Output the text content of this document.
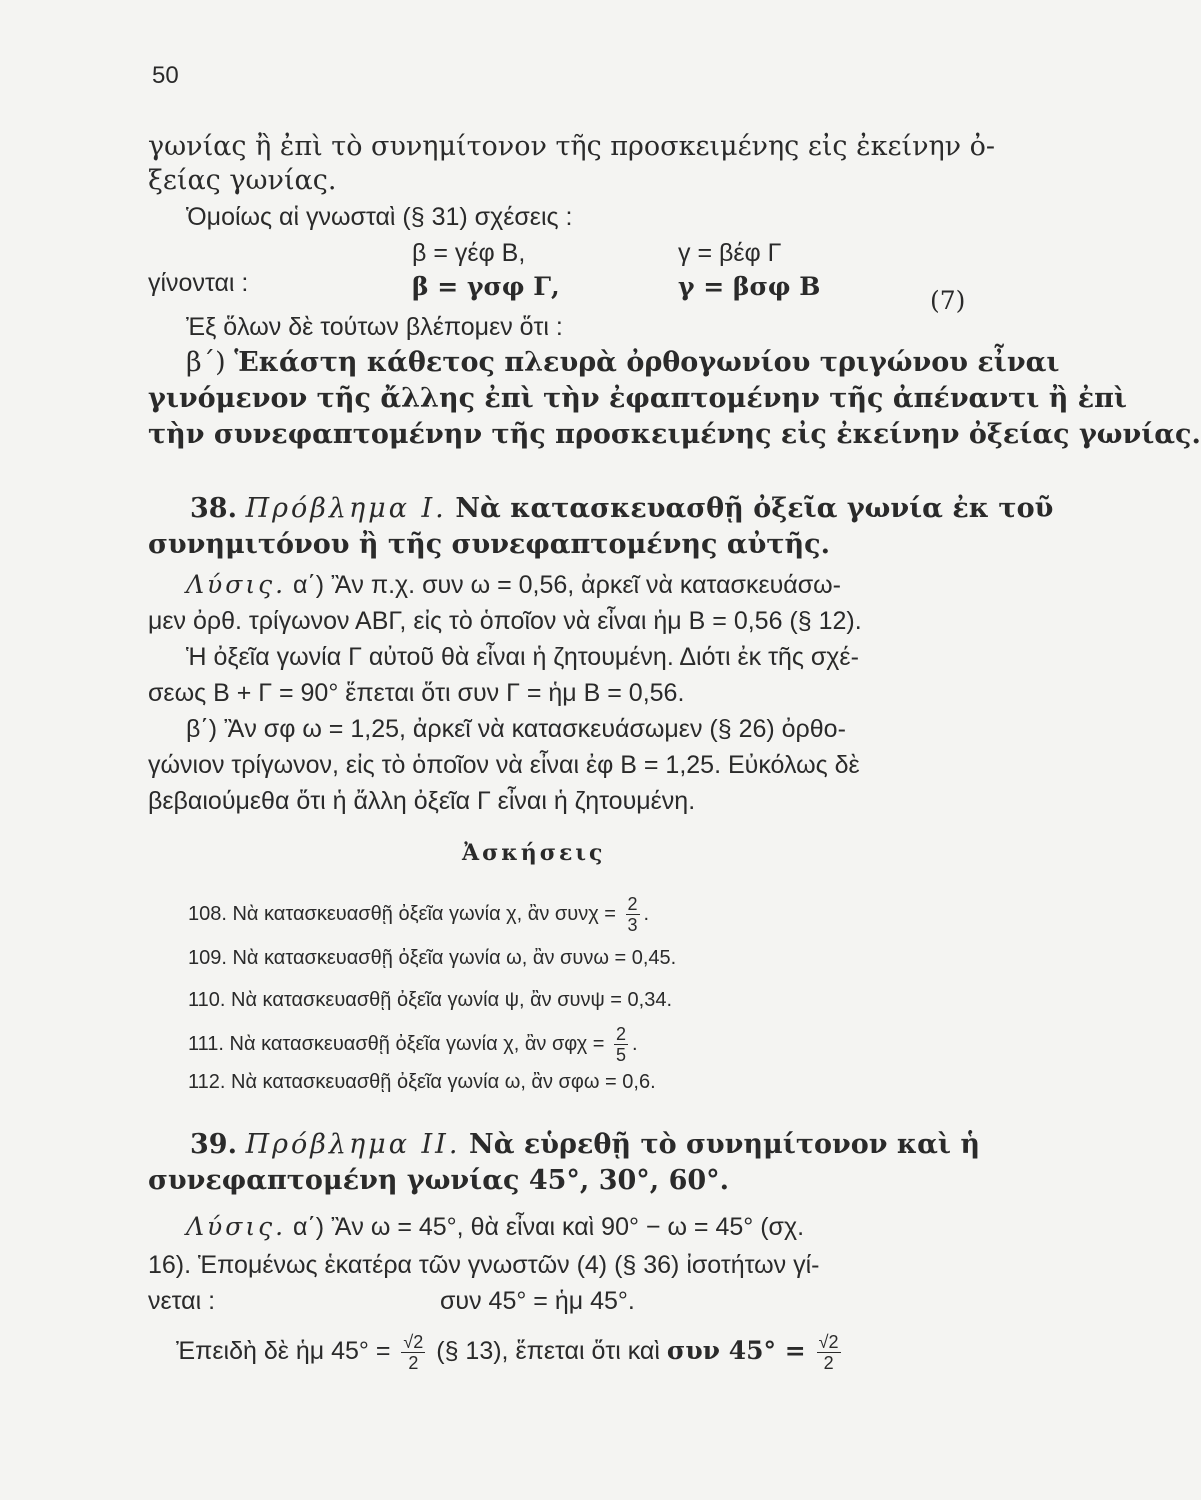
50
γωνίας ἢ ἐπὶ τὸ συνημίτονον τῆς προσκειμένης εἰς ἐκείνην ὀ-
ξείας γωνίας.
Ὁμοίως αἱ γνωσταὶ (§ 31) σχέσεις :
β = γέφ Β,	γ = βέφ Γ
γίνονται :	β = γσφ Γ,	γ = βσφ Β	(7)
Ἐξ ὅλων δὲ τούτων βλέπομεν ὅτι :
β΄) Ἑκάστη κάθετος πλευρὰ ὀρθογωνίου τριγώνου εἶναι
γινόμενον τῆς ἄλλης ἐπὶ τὴν ἐφαπτομένην τῆς ἀπέναντι ἢ ἐπὶ
τὴν συνεφαπτομένην τῆς προσκειμένης εἰς ἐκείνην ὀξείας γωνίας.
38. Πρόβλημα Ι. Νὰ κατασκευασθῇ ὀξεῖα γωνία ἐκ τοῦ
συνημιτόνου ἢ τῆς συνεφαπτομένης αὐτῆς.
Λύσις. α΄) Ἂν π.χ. συν ω = 0,56, ἀρκεῖ νὰ κατασκευάσω-
μεν ὀρθ. τρίγωνον ΑΒΓ, εἰς τὸ ὁποῖον νὰ εἶναι ἡμ Β = 0,56 (§ 12).
Ἡ ὀξεῖα γωνία Γ αὐτοῦ θὰ εἶναι ἡ ζητουμένη. Διότι ἐκ τῆς σχέ-
σεως Β + Γ = 90° ἕπεται ὅτι συν Γ = ἡμ Β = 0,56.
β΄) Ἂν σφ ω = 1,25, ἀρκεῖ νὰ κατασκευάσωμεν (§ 26) ὀρθο-
γώνιον τρίγωνον, εἰς τὸ ὁποῖον νὰ εἶναι ἐφ Β = 1,25. Εὐκόλως δὲ
βεβαιούμεθα ὅτι ἡ ἄλλη ὀξεῖα Γ εἶναι ἡ ζητουμένη.
Ἀσκήσεις
108. Νὰ κατασκευασθῇ ὀξεῖα γωνία χ, ἂν $\sigma\upsilon\nu\chi = \frac{2}{3}$ .
109. Νὰ κατασκευασθῇ ὀξεῖα γωνία ω, ἂν συνω = 0,45.
110. Νὰ κατασκευασθῇ ὀξεῖα γωνία ψ, ἂν συνψ = 0,34.
111. Νὰ κατασκευασθῇ ὀξεῖα γωνία χ, ἂν $\sigma\varphi\chi = \frac{2}{5}$ .
112. Νὰ κατασκευασθῇ ὀξεῖα γωνία ω, ἂν σφω = 0,6.
39. Πρόβλημα ΙΙ. Νὰ εὑρεθῇ τὸ συνημίτονον καὶ ἡ
συνεφαπτομένη γωνίας 45°, 30°, 60°.
Λύσις. α΄) Ἂν ω = 45°, θὰ εἶναι καὶ 90° − ω = 45° (σχ.
16). Ἑπομένως ἑκατέρα τῶν γνωστῶν (4) (§ 36) ἰσοτήτων γί-
νεται :	συν 45° = ἡμ 45°.
Ἐπειδὴ δὲ ἡμ $45^\circ = \frac{√2}{2}$ (§ 13), ἕπεται ὅτι καὶ συν $45^\circ = \frac{√2}{2}$
